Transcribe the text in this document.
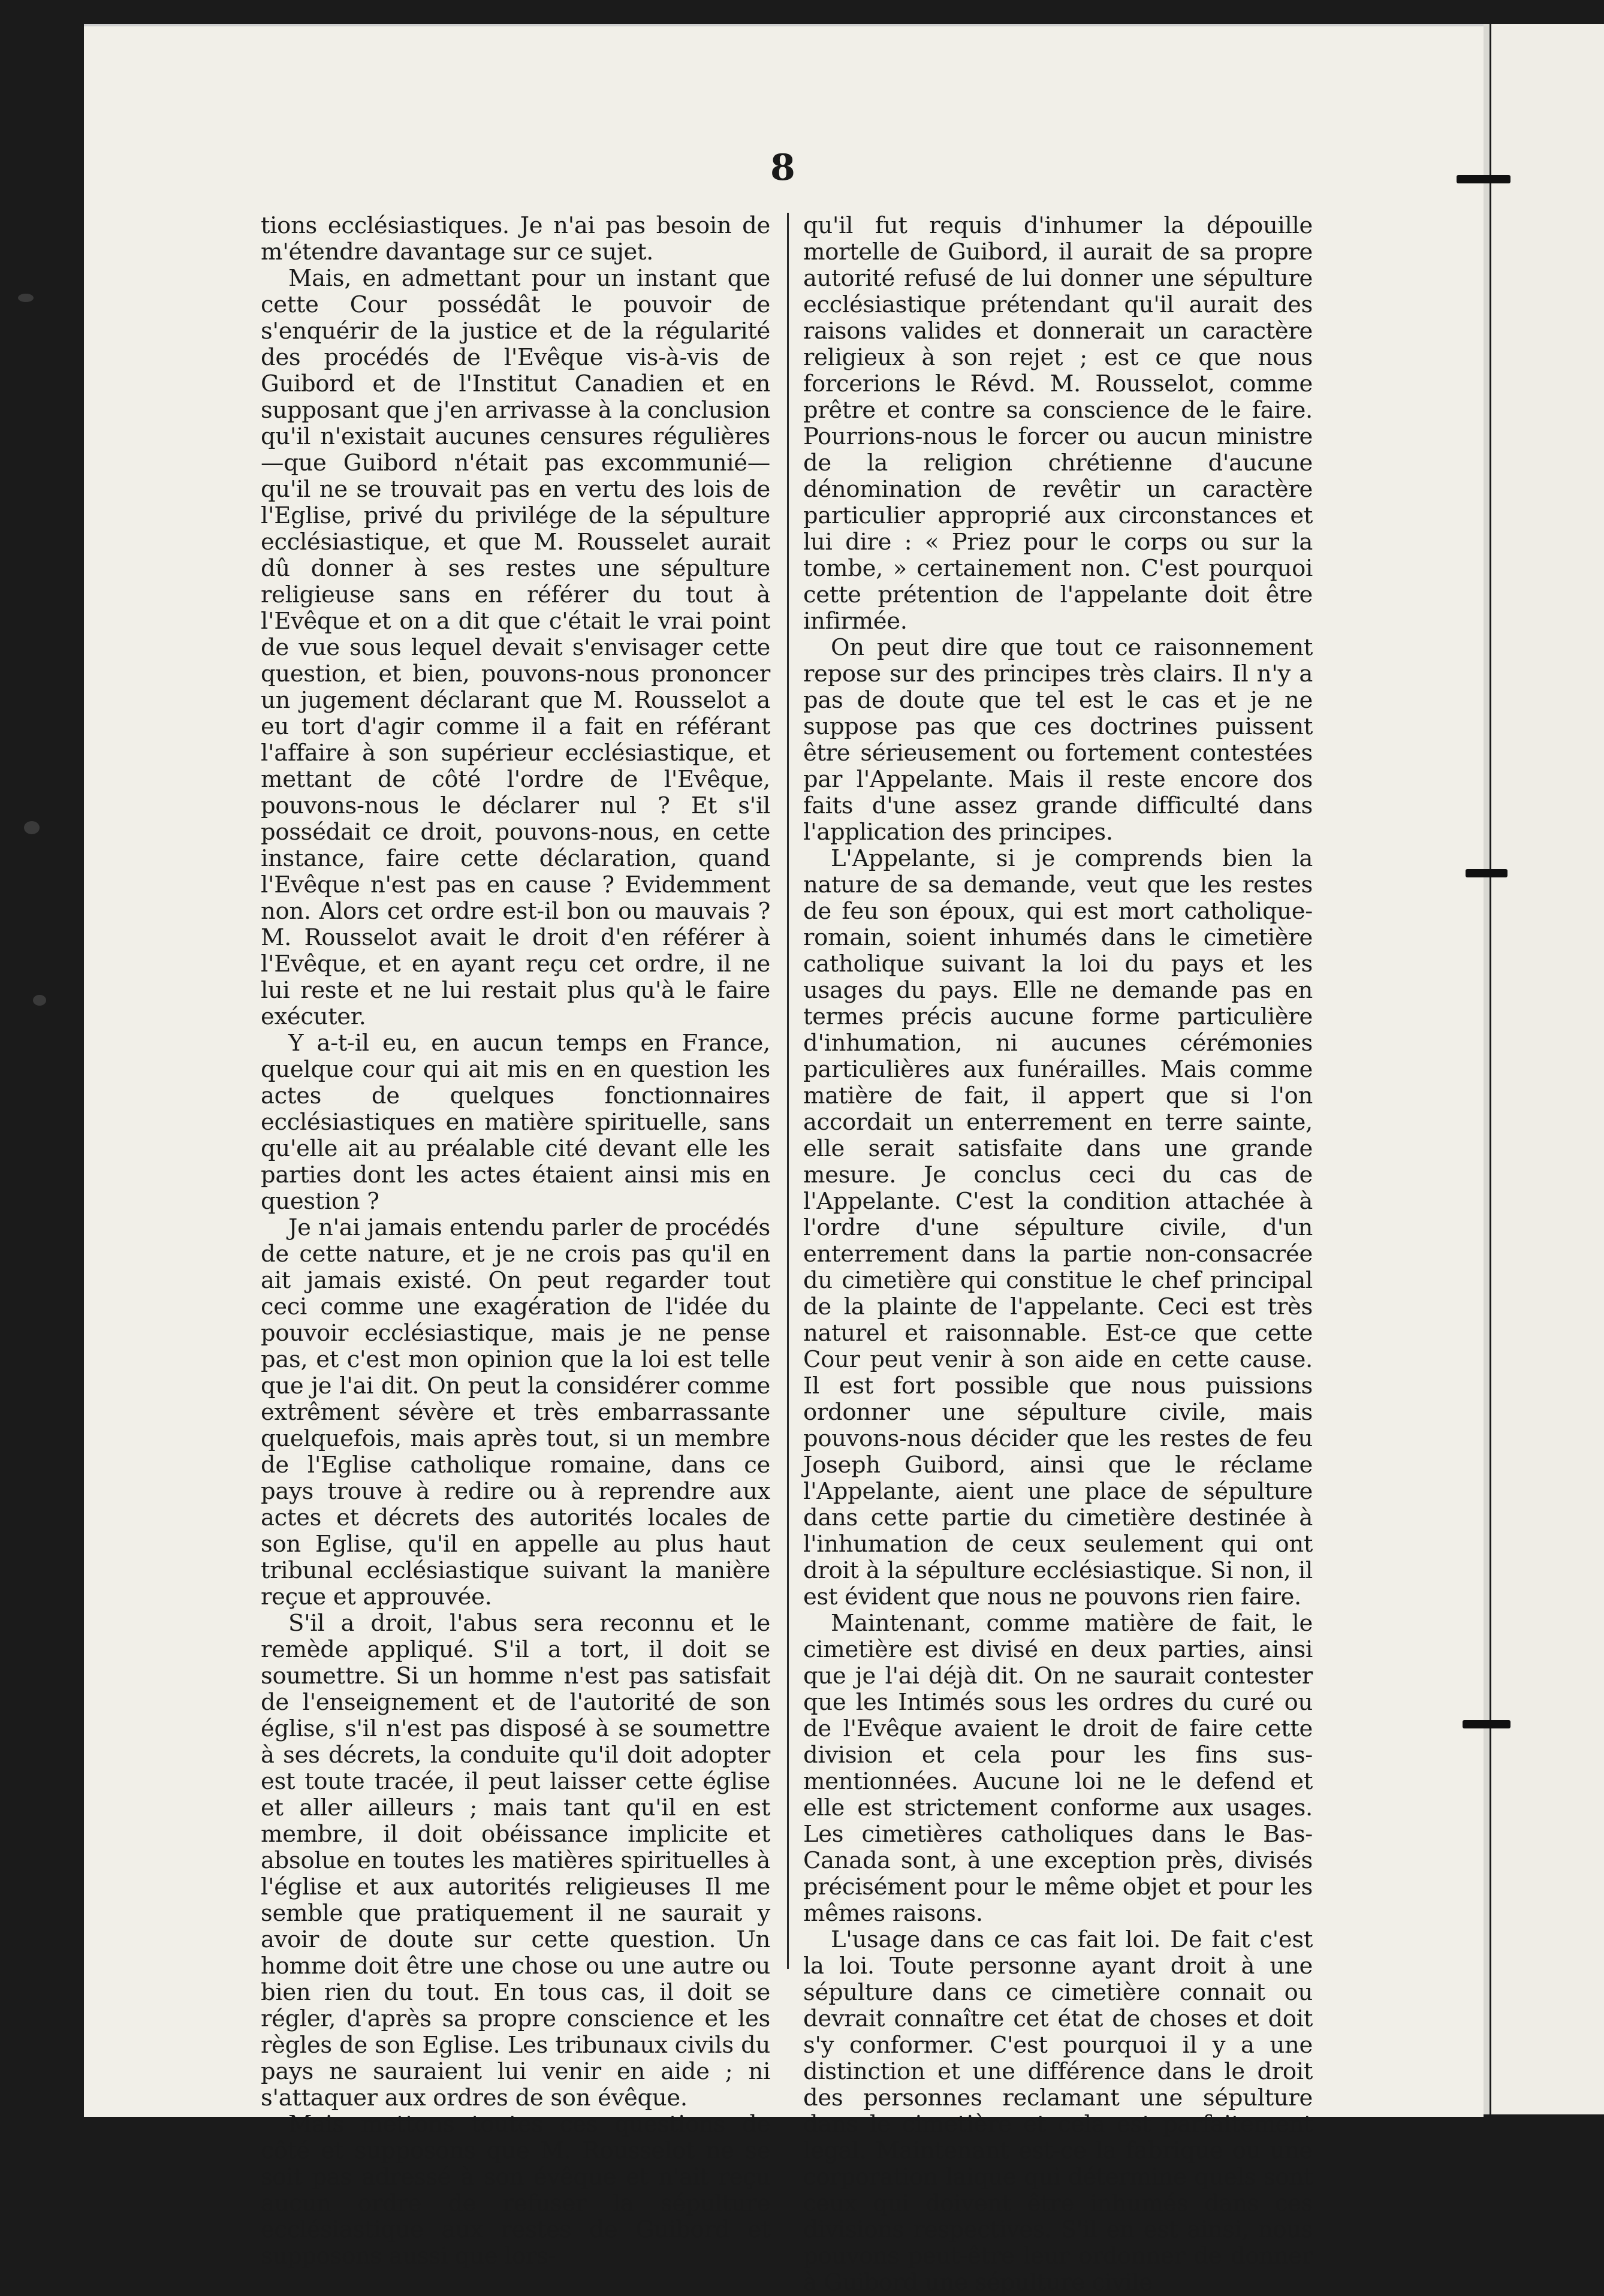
8

tions ecclésiastiques. Je n'ai pas besoin de m'étendre davantage sur ce sujet.

Mais, en admettant pour un instant que cette Cour possédât le pouvoir de s'enquérir de la justice et de la régularité des procédés de l'Evêque vis-à-vis de Guibord et de l'Institut Canadien et en supposant que j'en arrivasse à la conclusion qu'il n'existait aucunes censures régulières—que Guibord n'était pas excommunié—qu'il ne se trouvait pas en vertu des lois de l'Eglise, privé du privilége de la sépulture ecclésiastique, et que M. Rousselet aurait dû donner à ses restes une sépulture religieuse sans en référer du tout à l'Evêque et on a dit que c'était le vrai point de vue sous lequel devait s'envisager cette question, et bien, pouvons-nous prononcer un jugement déclarant que M. Rousselot a eu tort d'agir comme il a fait en référant l'affaire à son supérieur ecclésiastique, et mettant de côté l'ordre de l'Evêque, pouvons-nous le déclarer nul ? Et s'il possédait ce droit, pouvons-nous, en cette instance, faire cette déclaration, quand l'Evêque n'est pas en cause ? Evidemment non. Alors cet ordre est-il bon ou mauvais ? M. Rousselot avait le droit d'en référer à l'Evêque, et en ayant reçu cet ordre, il ne lui reste et ne lui restait plus qu'à le faire exécuter.

Y a-t-il eu, en aucun temps en France, quelque cour qui ait mis en en question les actes de quelques fonctionnaires ecclésiastiques en matière spirituelle, sans qu'elle ait au préalable cité devant elle les parties dont les actes étaient ainsi mis en question ?

Je n'ai jamais entendu parler de procédés de cette nature, et je ne crois pas qu'il en ait jamais existé. On peut regarder tout ceci comme une exagération de l'idée du pouvoir ecclésiastique, mais je ne pense pas, et c'est mon opinion que la loi est telle que je l'ai dit. On peut la considérer comme extrêment sévère et très embarrassante quelquefois, mais après tout, si un membre de l'Eglise catholique romaine, dans ce pays trouve à redire ou à reprendre aux actes et décrets des autorités locales de son Eglise, qu'il en appelle au plus haut tribunal ecclésiastique suivant la manière reçue et approuvée.

S'il a droit, l'abus sera reconnu et le remède appliqué. S'il a tort, il doit se soumettre. Si un homme n'est pas satisfait de l'enseignement et de l'autorité de son église, s'il n'est pas disposé à se soumettre à ses décrets, la conduite qu'il doit adopter est toute tracée, il peut laisser cette église et aller ailleurs ; mais tant qu'il en est membre, il doit obéissance implicite et absolue en toutes les matières spirituelles à l'église et aux autorités religieuses Il me semble que pratiquement il ne saurait y avoir de doute sur cette question. Un homme doit être une chose ou une autre ou bien rien du tout. En tous cas, il doit se régler, d'après sa propre conscience et les règles de son Eglise. Les tribunaux civils du pays ne sauraient lui venir en aide ; ni s'attaquer aux ordres de son évêque.

Mais mettons toutes ces questions de côté et supposons que M. Rousselot ne se soit pas adressé à son évêque et n'ait reçu aucun ordre de refuser la sépulture ecclésiastique aux restes de Guibord et supposons aussi que lors-

qu'il fut requis d'inhumer la dépouille mortelle de Guibord, il aurait de sa propre autorité refusé de lui donner une sépulture ecclésiastique prétendant qu'il aurait des raisons valides et donnerait un caractère religieux à son rejet ; est ce que nous forcerions le Révd. M. Rousselot, comme prêtre et contre sa conscience de le faire. Pourrions-nous le forcer ou aucun ministre de la religion chrétienne d'aucune dénomination de revêtir un caractère particulier approprié aux circonstances et lui dire : « Priez pour le corps ou sur la tombe, » certainement non. C'est pourquoi cette prétention de l'appelante doit être infirmée.

On peut dire que tout ce raisonnement repose sur des principes très clairs. Il n'y a pas de doute que tel est le cas et je ne suppose pas que ces doctrines puissent être sérieusement ou fortement contestées par l'Appelante. Mais il reste encore dos faits d'une assez grande difficulté dans l'application des principes.

L'Appelante, si je comprends bien la nature de sa demande, veut que les restes de feu son époux, qui est mort catholique-romain, soient inhumés dans le cimetière catholique suivant la loi du pays et les usages du pays. Elle ne demande pas en termes précis aucune forme particulière d'inhumation, ni aucunes cérémonies particulières aux funérailles. Mais comme matière de fait, il appert que si l'on accordait un enterrement en terre sainte, elle serait satisfaite dans une grande mesure. Je conclus ceci du cas de l'Appelante. C'est la condition attachée à l'ordre d'une sépulture civile, d'un enterrement dans la partie non-consacrée du cimetière qui constitue le chef principal de la plainte de l'appelante. Ceci est très naturel et raisonnable. Est-ce que cette Cour peut venir à son aide en cette cause. Il est fort possible que nous puissions ordonner une sépulture civile, mais pouvons-nous décider que les restes de feu Joseph Guibord, ainsi que le réclame l'Appelante, aient une place de sépulture dans cette partie du cimetière destinée à l'inhumation de ceux seulement qui ont droit à la sépulture ecclésiastique. Si non, il est évident que nous ne pouvons rien faire.

Maintenant, comme matière de fait, le cimetière est divisé en deux parties, ainsi que je l'ai déjà dit. On ne saurait contester que les Intimés sous les ordres du curé ou de l'Evêque avaient le droit de faire cette division et cela pour les fins sus-mentionnées. Aucune loi ne le defend et elle est strictement conforme aux usages. Les cimetières catholiques dans le Bas-Canada sont, à une exception près, divisés précisément pour le même objet et pour les mêmes raisons.

L'usage dans ce cas fait loi. De fait c'est la loi. Toute personne ayant droit à une sépulture dans ce cimetière connait ou devrait connaître cet état de choses et doit s'y conformer. C'est pourquoi il y a une distinction et une différence dans le droit des personnes reclamant une sépulture dans le cimetière et cela est parfaitement legal. Maintenant est-ce la fabrique ou une corporation laique qui détermine quels sont ceux qui doivent être inhumés dans ces divisions respectives. S'il en est ainsi, nous pouvons peut-être leur ordonner de donner à Guibord une sépulture civile
